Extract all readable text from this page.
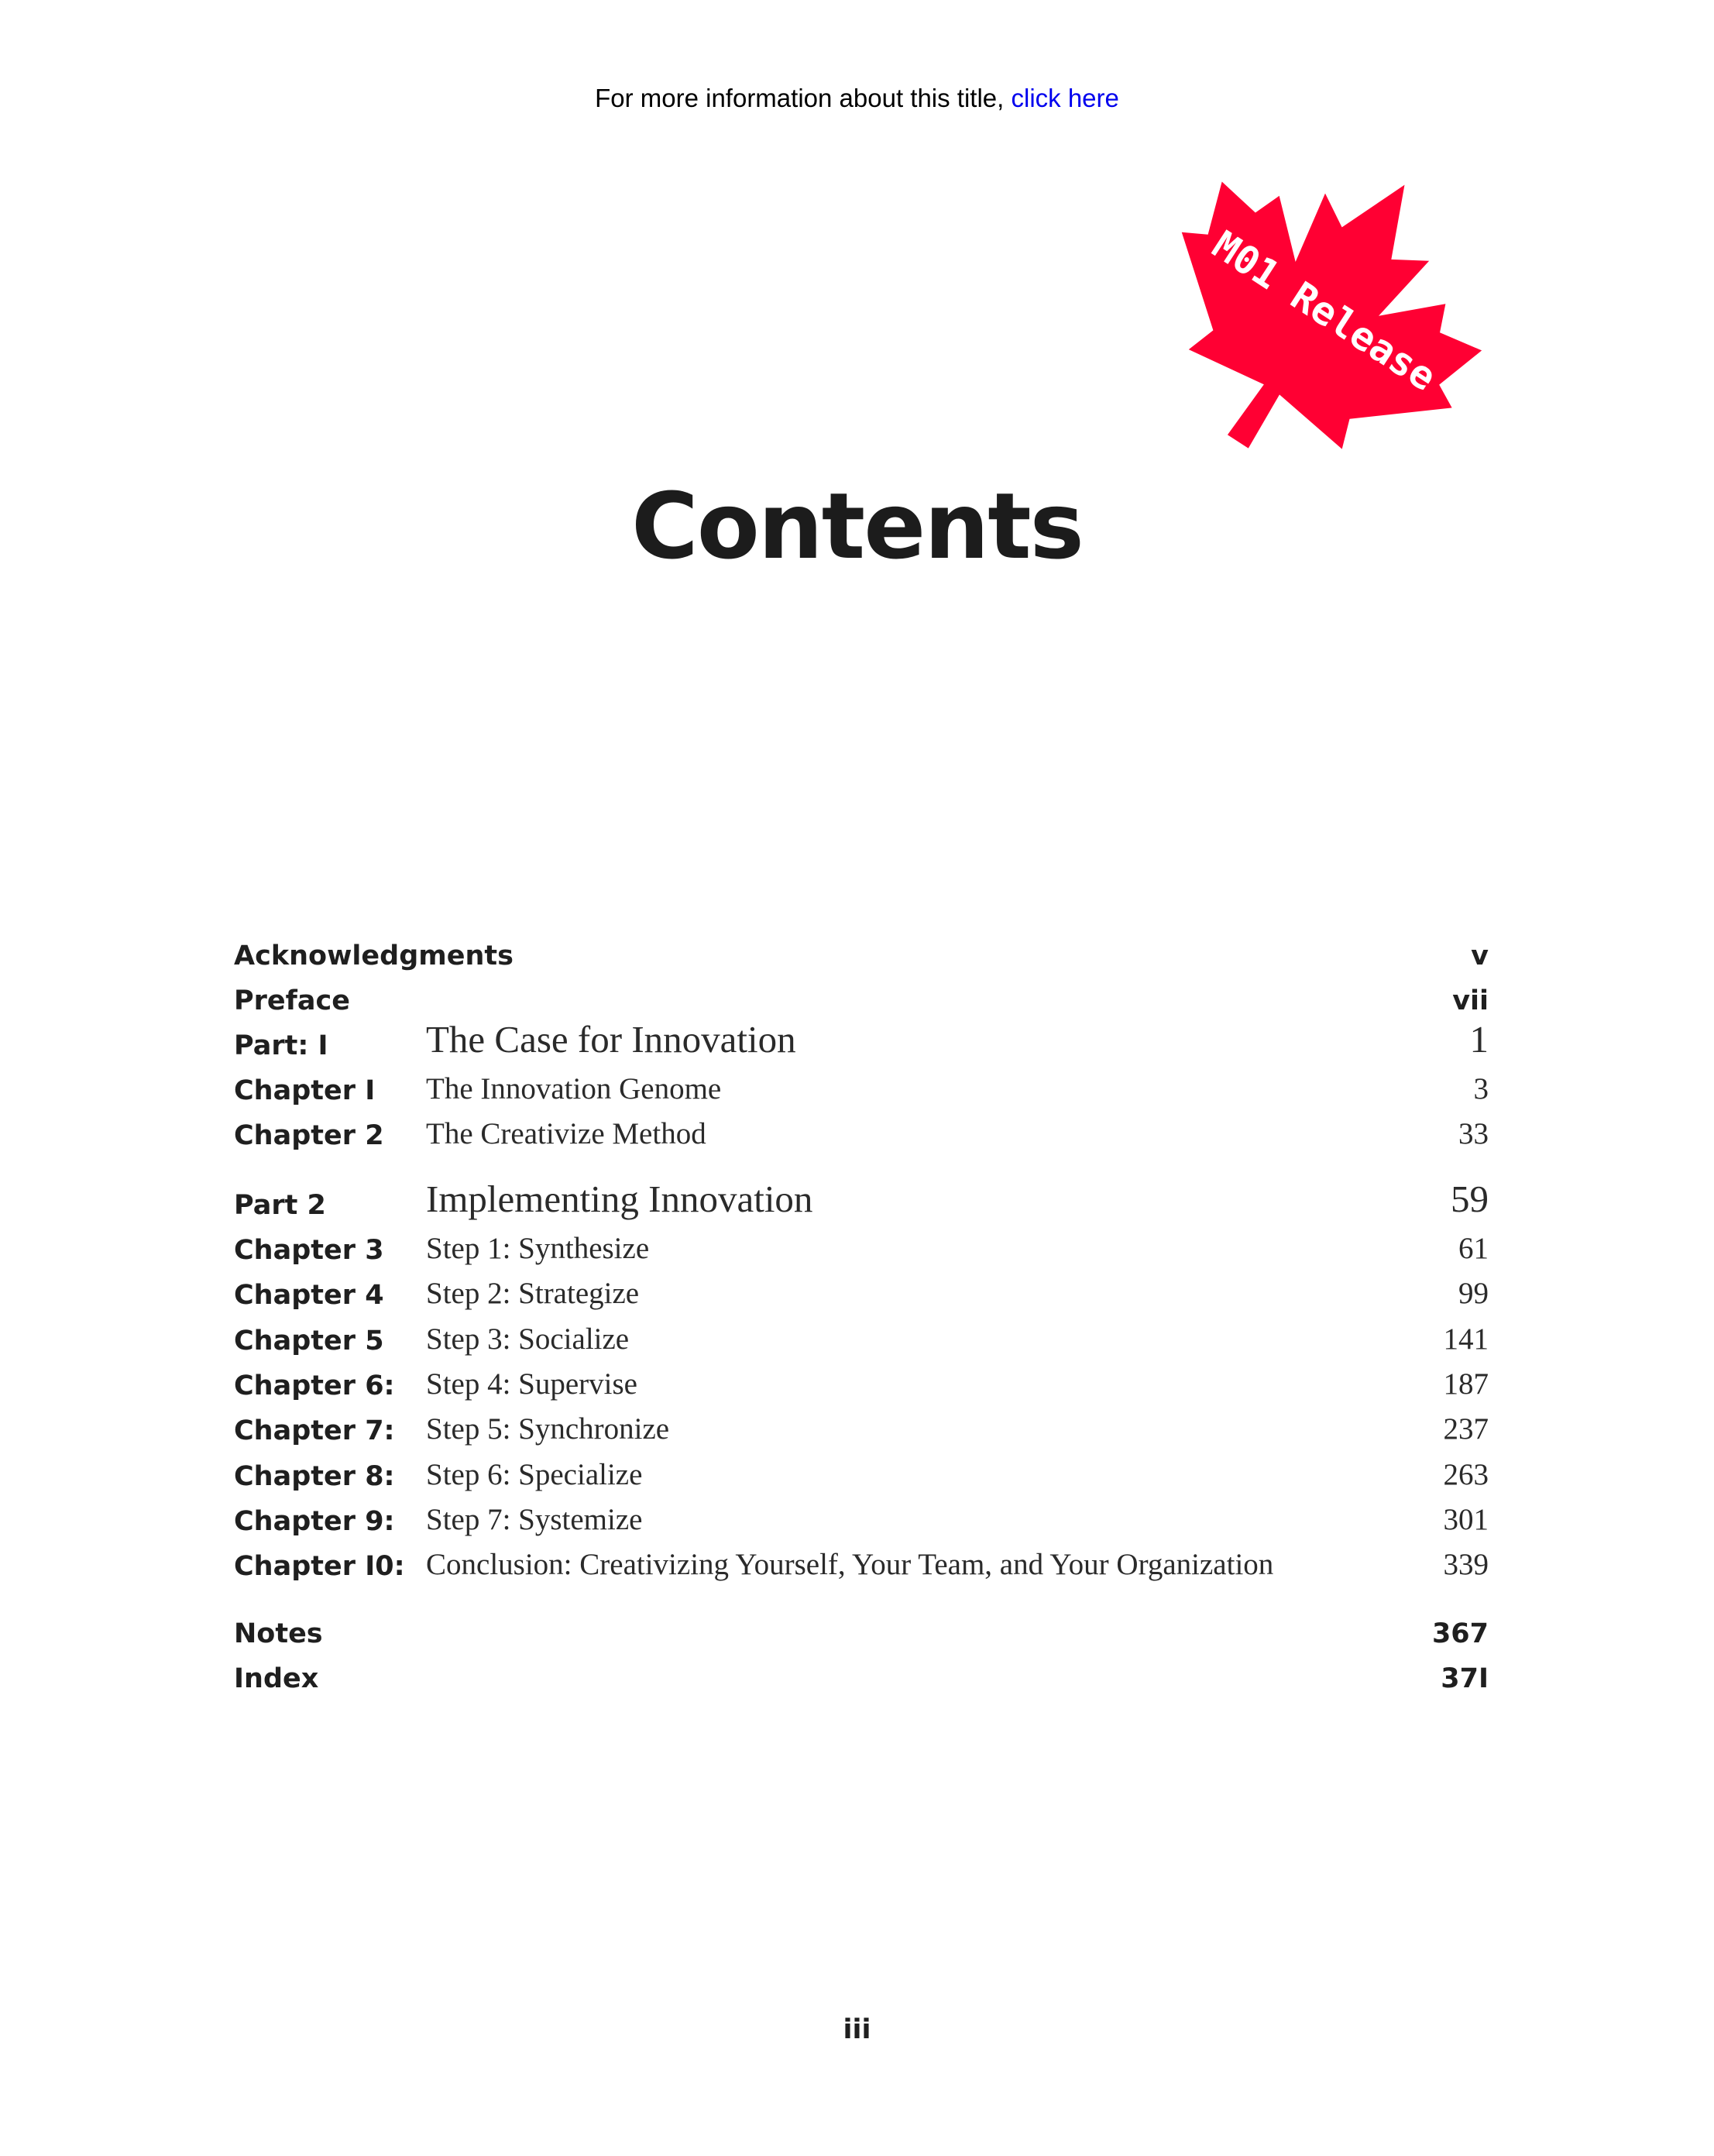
For more information about this title, click here
M01 Release
Contents
Acknowledgments	v
Preface	vii
Part: I	The Case for Innovation	1
Chapter I The Innovation Genome	3
Chapter 2 The Creativize Method	33
Part 2	Implementing Innovation	59
Chapter 3 Step 1: Synthesize	61
Chapter 4 Step 2: Strategize	99
Chapter 5 Step 3: Socialize	141
Chapter 6: Step 4: Supervise	187
Chapter 7: Step 5: Synchronize	237
Chapter 8: Step 6: Specialize	263
Chapter 9: Step 7: Systemize	301
Chapter I0: Conclusion: Creativizing Yourself, Your Team, and Your Organization	339
Notes	367
Index	37I
iii
